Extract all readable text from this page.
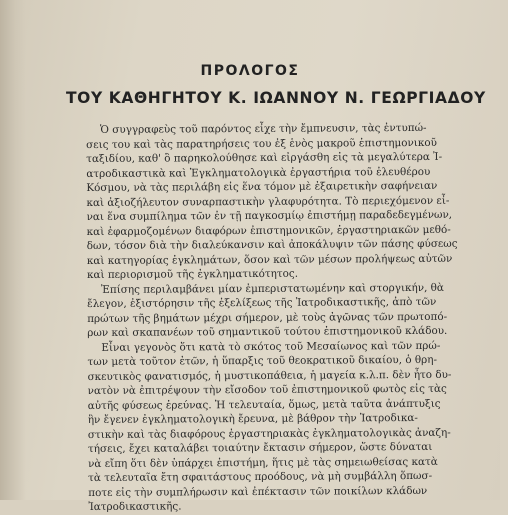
ΠΡΟΛΟΓΟΣ
ΤΟΥ ΚΑΘΗΓΗΤΟΥ Κ. ΙΩΑΝΝΟΥ Ν. ΓΕΩΡΓΙΑΔΟΥ
Ὁ συγγραφεὺς τοῦ παρόντος εἶχε τὴν ἔμπνευσιν, τὰς ἐντυπώ-
σεις του καὶ τὰς παρατηρήσεις του ἐξ ἑνὸς μακροῦ ἐπιστημονικοῦ
ταξιδίου, καθ' ὃ παρηκολούθησε καὶ εἰργάσθη εἰς τὰ μεγαλύτερα Ἰ-
ατροδικαστικὰ καὶ Ἐγκληματολογικὰ ἐργαστήρια τοῦ ἐλευθέρου
Κόσμου, νὰ τὰς περιλάβη εἰς ἕνα τόμον μὲ ἐξαιρετικὴν σαφήνειαν
καὶ ἀξιοζήλευτον συναρπαστικὴν γλαφυρότητα. Τὸ περιεχόμενον εἶ-
ναι ἕνα συμπίλημα τῶν ἐν τῇ παγκοσμίῳ ἐπιστήμῃ παραδεδεγμένων,
καὶ ἐφαρμοζομένων διαφόρων ἐπιστημονικῶν, ἐργαστηριακῶν μεθό-
δων, τόσον διὰ τὴν διαλεύκανσιν καὶ ἀποκάλυψιν τῶν πάσης φύσεως
καὶ κατηγορίας ἐγκλημάτων, ὅσον καὶ τῶν μέσων προλήψεως αὐτῶν
καὶ περιορισμοῦ τῆς ἐγκληματικότητος.
Ἐπίσης περιλαμβάνει μίαν ἐμπεριστατωμένην καὶ στοργικήν, θὰ
ἔλεγον, ἐξιστόρησιν τῆς ἐξελίξεως τῆς Ἰατροδικαστικῆς, ἀπὸ τῶν
πρώτων τῆς βημάτων μέχρι σήμερον, μὲ τοὺς ἀγῶνας τῶν πρωτοπό-
ρων καὶ σκαπανέων τοῦ σημαντικοῦ τούτου ἐπιστημονικοῦ κλάδου.
Εἶναι γεγονὸς ὅτι κατὰ τὸ σκότος τοῦ Μεσαίωνος καὶ τῶν πρώ-
των μετὰ τοῦτον ἐτῶν, ἡ ὕπαρξις τοῦ θεοκρατικοῦ δικαίου, ὁ θρη-
σκευτικὸς φανατισμός, ἡ μυστικοπάθεια, ἡ μαγεία κ.λ.π. δὲν ἦτο δυ-
νατὸν νὰ ἐπιτρέψουν τὴν εἴσοδον τοῦ ἐπιστημονικοῦ φωτὸς εἰς τὰς
αὐτῆς φύσεως ἐρεύνας. Ἡ τελευταία, ὅμως, μετὰ ταῦτα ἀνάπτυξις
ἣν ἔγενεν ἐγκληματολογικὴ ἔρευνα, μὲ βάθρον τὴν Ἰατροδικα-
στικὴν καὶ τὰς διαφόρους ἐργαστηριακὰς ἐγκληματολογικὰς ἀναζη-
τήσεις, ἔχει καταλάβει τοιαύτην ἔκτασιν σήμερον, ὥστε δύναται
νὰ εἴπη ὅτι δὲν ὑπάρχει ἐπιστήμη, ἥτις μὲ τὰς σημειωθείσας κατὰ
τὰ τελευταῖα ἔτη σφαιτάστους προόδους, νὰ μὴ συμβάλλη ὅπωσ-
ποτε εἰς τὴν συμπλήρωσιν καὶ ἐπέκτασιν τῶν ποικίλων κλάδων
Ἰατροδικαστικῆς.
